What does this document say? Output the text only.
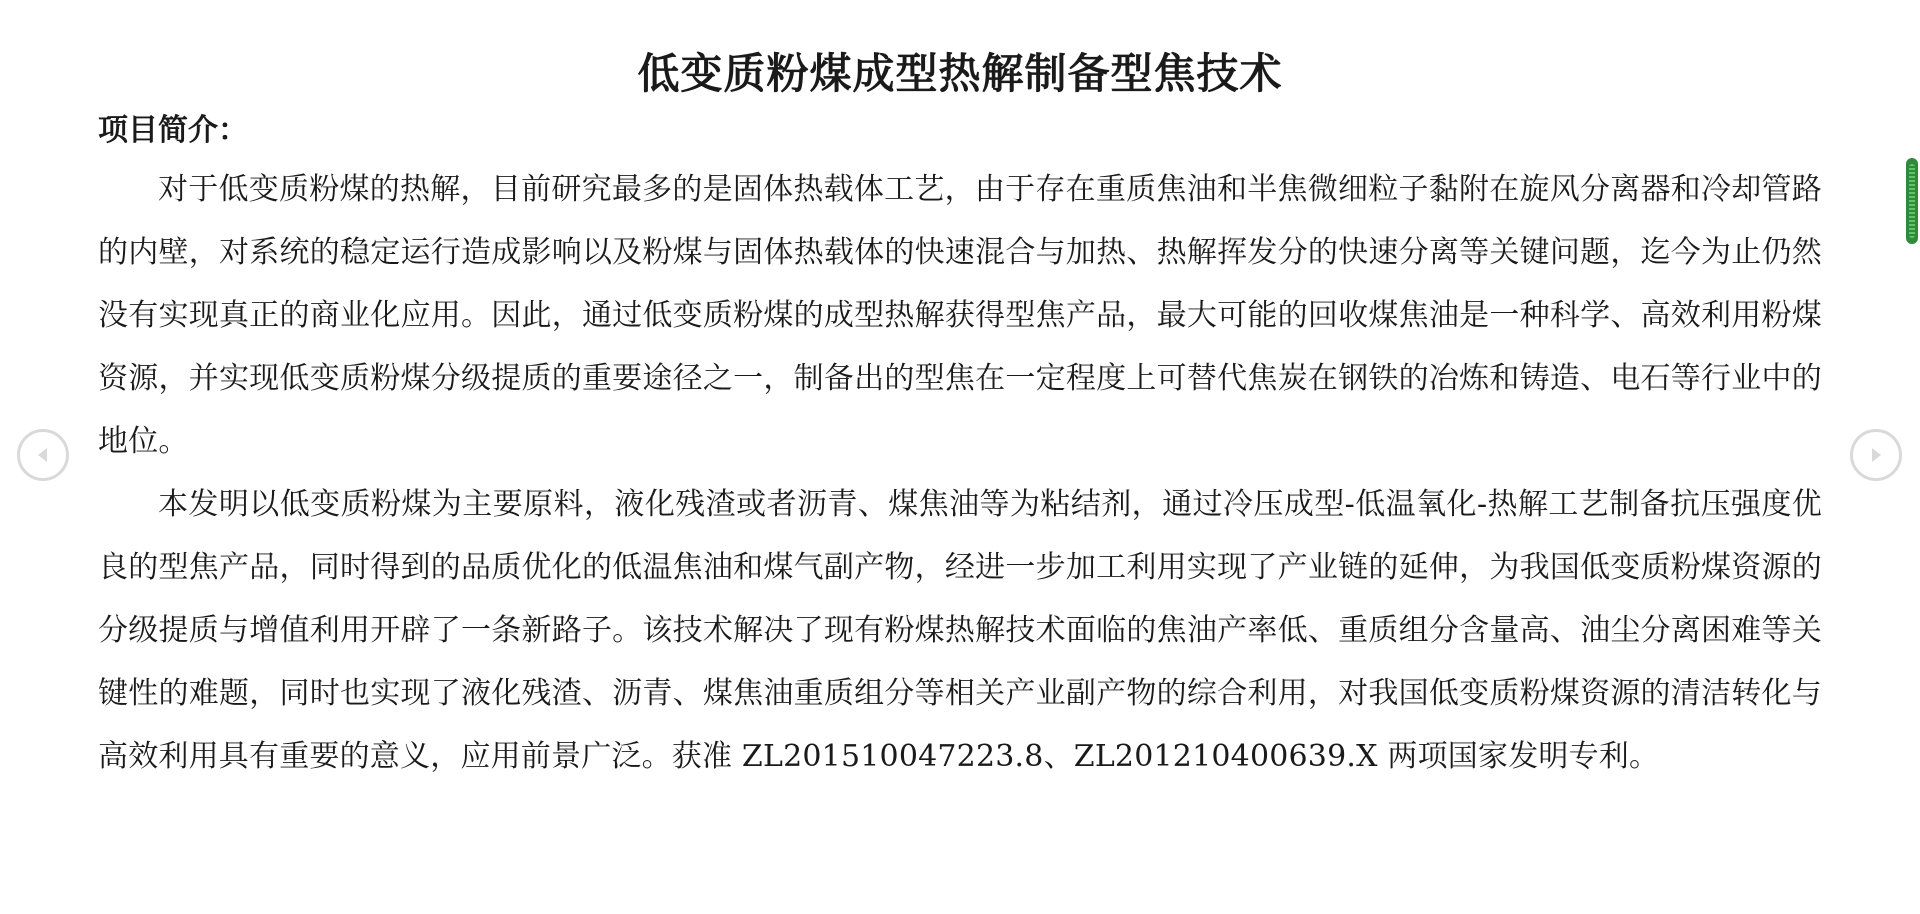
低变质粉煤成型热解制备型焦技术
项目简介：

对于低变质粉煤的热解，目前研究最多的是固体热载体工艺，由于存在重质焦油和半焦微细粒子黏附在旋风分离器和冷却管路的内壁，对系统的稳定运行造成影响以及粉煤与固体热载体的快速混合与加热、热解挥发分的快速分离等关键问题，迄今为止仍然没有实现真正的商业化应用。因此，通过低变质粉煤的成型热解获得型焦产品，最大可能的回收煤焦油是一种科学、高效利用粉煤资源，并实现低变质粉煤分级提质的重要途径之一，制备出的型焦在一定程度上可替代焦炭在钢铁的冶炼和铸造、电石等行业中的地位。

本发明以低变质粉煤为主要原料，液化残渣或者沥青、煤焦油等为粘结剂，通过冷压成型-低温氧化-热解工艺制备抗压强度优良的型焦产品，同时得到的品质优化的低温焦油和煤气副产物，经进一步加工利用实现了产业链的延伸，为我国低变质粉煤资源的分级提质与增值利用开辟了一条新路子。该技术解决了现有粉煤热解技术面临的焦油产率低、重质组分含量高、油尘分离困难等关键性的难题，同时也实现了液化残渣、沥青、煤焦油重质组分等相关产业副产物的综合利用，对我国低变质粉煤资源的清洁转化与高效利用具有重要的意义，应用前景广泛。获准 ZL201510047223.8、ZL201210400639.X 两项国家发明专利。
